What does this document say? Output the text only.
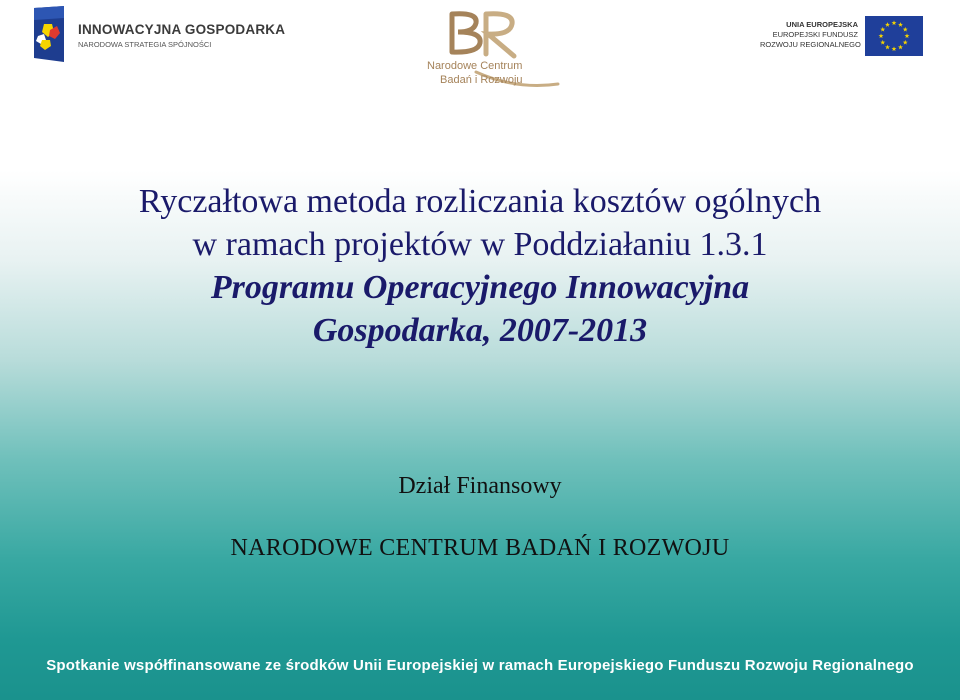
INNOWACYJNA GOSPODARKA
NARODOWA STRATEGIA SPÓJNOŚCI
Narodowe Centrum
Badań i Rozwoju
UNIA EUROPEJSKA
EUROPEJSKI FUNDUSZ
ROZWOJU REGIONALNEGO
Ryczałtowa metoda rozliczania kosztów ogólnych
w ramach projektów w Poddziałaniu 1.3.1
Programu Operacyjnego Innowacyjna
Gospodarka, 2007-2013
Dział Finansowy
NARODOWE CENTRUM BADAŃ I ROZWOJU
Spotkanie współfinansowane ze środków Unii Europejskiej w ramach Europejskiego Funduszu Rozwoju Regionalnego
